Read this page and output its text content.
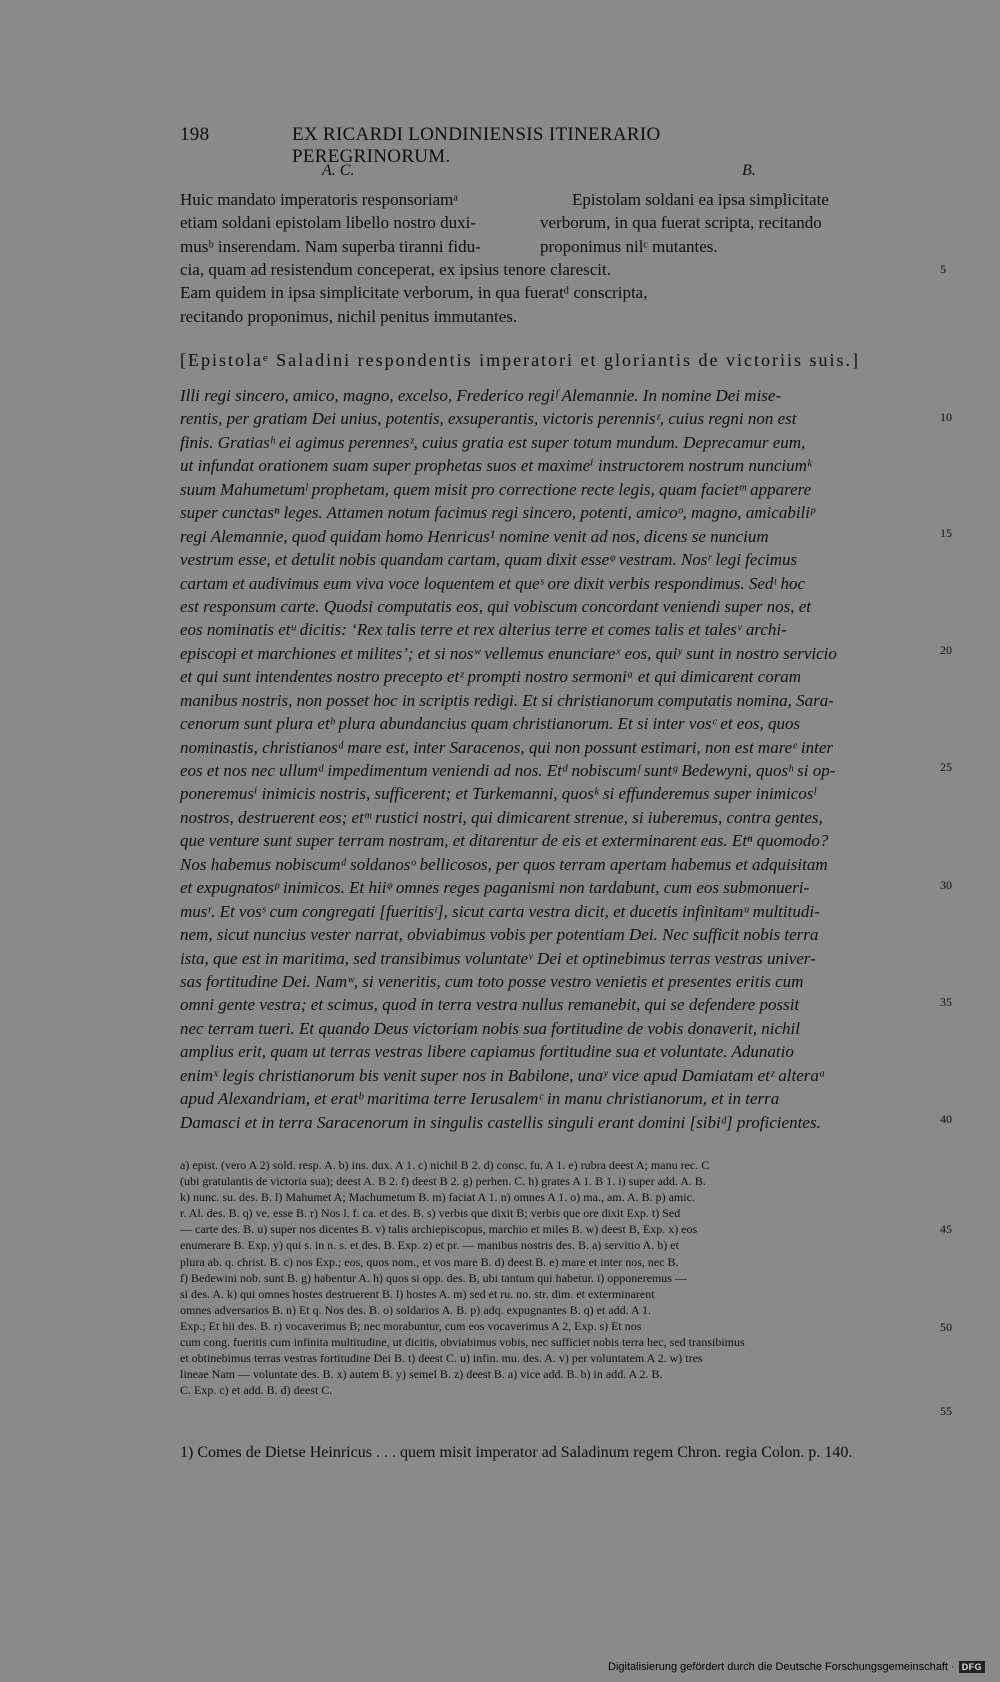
198	EX RICARDI LONDINIENSIS ITINERARIO PEREGRINORUM.
A. C.	B.
Huic mandato imperatoris responsoriamᵃ
etiam soldani epistolam libello nostro duxi-
musᵇ inserendam. Nam superba tiranni fidu-
Epistolam soldani ea ipsa simplicitate
verborum, in qua fuerat scripta, recitando
proponimus nilᶜ mutantes.
cia, quam ad resistendum conceperat, ex ipsius tenore clarescit.
Eam quidem in ipsa simplicitate verborum, in qua fueratᵈ conscripta,
recitando proponimus, nichil penitus immutantes.
[Epistolaᵉ Saladini respondentis imperatori et gloriantis de victoriis suis.]
Illi regi sincero, amico, magno, excelso, Frederico regiᶠ Alemannie. In nomine Dei mise-
rentis, per gratiam Dei unius, potentis, exsuperantis, victoris perennisᶻ, cuius regni non est
finis. Gratiasʰ ei agimus perennesᶻ, cuius gratia est super totum mundum. Deprecamur eum,
ut infundat orationem suam super prophetas suos et maximeⁱ instructorem nostrum nunciumᵏ
suum Mahumetumˡ prophetam, quem misit pro correctione recte legis, quam facietᵐ apparere
super cunctasⁿ leges. Attamen notum facimus regi sincero, potenti, amicoᵒ, magno, amicabiliᵖ
regi Alemannie, quod quidam homo Henricus¹ nomine venit ad nos, dicens se nuncium
vestrum esse, et detulit nobis quandam cartam, quam dixit esseᵠ vestram. Nosʳ legi fecimus
cartam et audivimus eum viva voce loquentem et queˢ ore dixit verbis respondimus. Sedᵗ hoc
est responsum carte. Quodsi computatis eos, qui vobiscum concordant veniendi super nos, et
eos nominatis etᵘ dicitis: ‘Rex talis terre et rex alterius terre et comes talis et talesᵛ archi-
episcopi et marchiones et milites’; et si nosʷ vellemus enunciareˣ eos, quiʸ sunt in nostro servicio
et qui sunt intendentes nostro precepto etᶻ prompti nostro sermoniᵃ et qui dimicarent coram
manibus nostris, non posset hoc in scriptis redigi. Et si christianorum computatis nomina, Sara-
cenorum sunt plura etᵇ plura abundancius quam christianorum. Et si inter vosᶜ et eos, quos
nominastis, christianosᵈ mare est, inter Saracenos, qui non possunt estimari, non est mareᵉ inter
eos et nos nec ullumᵈ impedimentum veniendi ad nos. Etᵈ nobiscumᶠ suntᵍ Bedewyni, quosʰ si op-
poneremusⁱ inimicis nostris, sufficerent; et Turkemanni, quosᵏ si effunderemus super inimicosˡ
nostros, destruerent eos; etᵐ rustici nostri, qui dimicarent strenue, si iuberemus, contra gentes,
que venture sunt super terram nostram, et ditarentur de eis et exterminarent eas. Etⁿ quomodo?
Nos habemus nobiscumᵈ soldanosᵒ bellicosos, per quos terram apertam habemus et adquisitam
et expugnatosᵖ inimicos. Et hiiᵠ omnes reges paganismi non tardabunt, cum eos submonueri-
musʳ. Et vosˢ cum congregati [fueritisᵗ], sicut carta vestra dicit, et ducetis infinitamᵘ multitudi-
nem, sicut nuncius vester narrat, obviabimus vobis per potentiam Dei. Nec sufficit nobis terra
ista, que est in maritima, sed transibimus voluntateᵛ Dei et optinebimus terras vestras univer-
sas fortitudine Dei. Namʷ, si veneritis, cum toto posse vestro venietis et presentes eritis cum
omni gente vestra; et scimus, quod in terra vestra nullus remanebit, qui se defendere possit
nec terram tueri. Et quando Deus victoriam nobis sua fortitudine de vobis donaverit, nichil
amplius erit, quam ut terras vestras libere capiamus fortitudine sua et voluntate. Adunatio
enimˣ legis christianorum bis venit super nos in Babilone, unaʸ vice apud Damiatam etᶻ alteraᵃ
apud Alexandriam, et eratᵇ maritima terre Ierusalemᶜ in manu christianorum, et in terra
Damasci et in terra Saracenorum in singulis castellis singuli erant domini [sibiᵈ] proficientes.
5
10
15
20
25
30
35
40
45
50
55
a) epist. (vero A 2) sold. resp. A. b) ins. dux. A 1. c) nichil B 2. d) consc. fu. A 1. e) rubra deest A; manu rec. C
(ubi gratulantis de victoria sua); deest A. B 2. f) deest B 2. g) perhen. C. h) grates A 1. B 1. i) super add. A. B.
k) nunc. su. des. B. l) Mahumet A; Machumetum B. m) faciat A 1. n) omnes A 1. o) ma., am. A. B. p) amic.
r. Al. des. B. q) ve. esse B. r) Nos l. f. ca. et des. B. s) verbis que dixit B; verbis que ore dixit Exp. t) Sed
— carte des. B. u) super nos dicentes B. v) talis archiepiscopus, marchio et miles B. w) deest B, Exp. x) eos
enumerare B. Exp. y) qui s. in n. s. et des. B. Exp. z) et pr. — manibus nostris des. B. a) servitio A. b) et
plura ab. q. christ. B. c) nos Exp.; eos, quos nom., et vos mare B. d) deest B. e) mare et inter nos, nec B.
f) Bedewini nob. sunt B. g) habentur A. h) quos si opp. des. B, ubi tantum qui habetur. i) opponeremus —
si des. A. k) qui omnes hostes destruerent B. l) hostes A. m) sed et ru. no. str. dim. et exterminarent
omnes adversarios B. n) Et q. Nos des. B. o) soldarios A. B. p) adq. expugnantes B. q) et add. A 1.
Exp.; Et hii des. B. r) vocaverimus B; nec morabuntur, cum eos vocaverimus A 2, Exp. s) Et nos
cum cong. fueritis cum infinita multitudine, ut dicitis, obviabimus vobis, nec sufficiet nobis terra hec, sed transibimus
et obtinebimus terras vestras fortitudine Dei B. t) deest C. u) infin. mu. des. A. v) per voluntatem A 2. w) tres
lineae Nam — voluntate des. B. x) autem B. y) semel B. z) deest B. a) vice add. B. b) in add. A 2. B.
C. Exp. c) et add. B. d) deest C.
1) Comes de Dietse Heinricus . . . quem misit imperator ad Saladinum regem Chron. regia Colon. p. 140.
Digitalisierung gefördert durch die Deutsche Forschungsgemeinschaft · DFG
